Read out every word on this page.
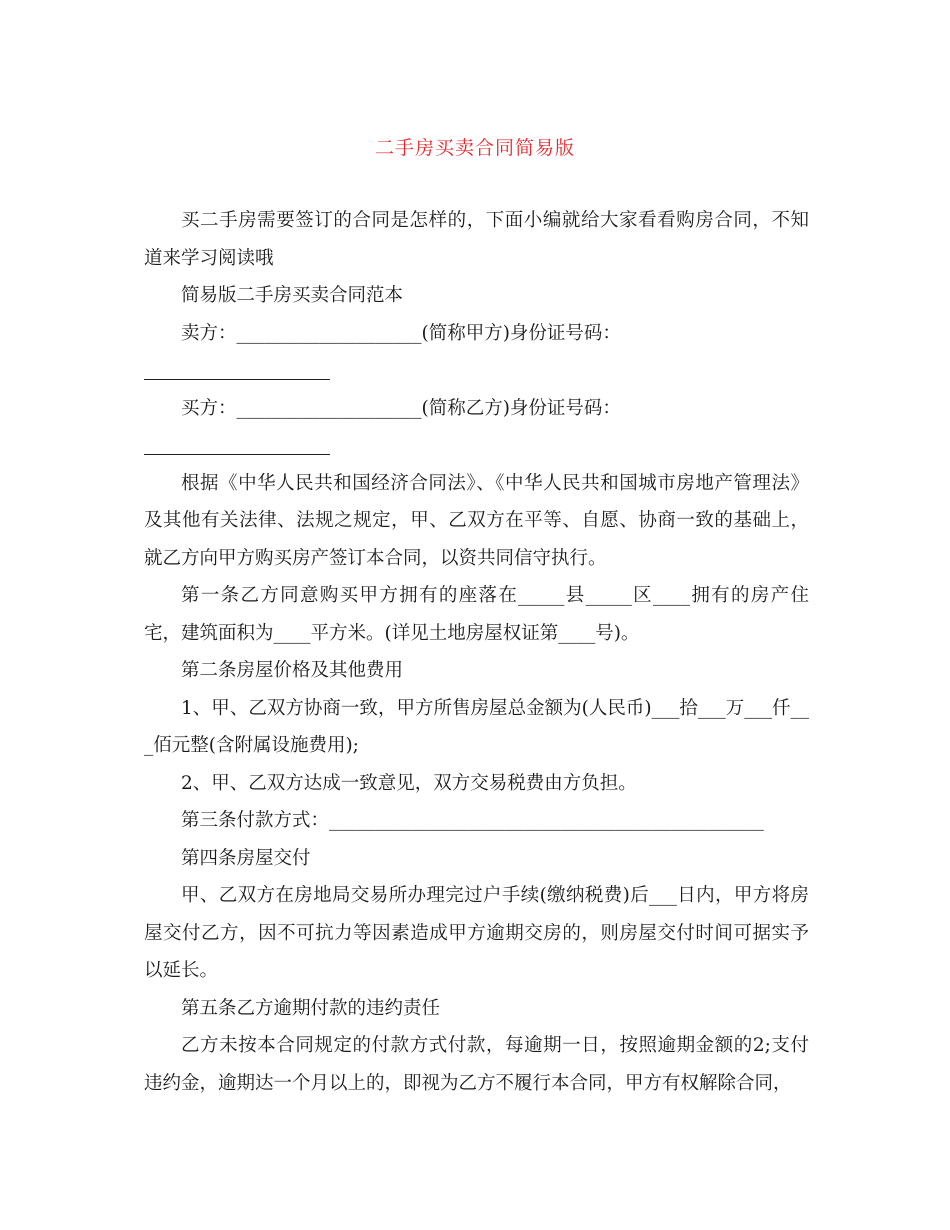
二手房买卖合同简易版

买二手房需要签订的合同是怎样的，下面小编就给大家看看购房合同，不知道来学习阅读哦

简易版二手房买卖合同范本

卖方：____________________(简称甲方)身份证号码：

买方：____________________(简称乙方)身份证号码：

根据《中华人民共和国经济合同法》、《中华人民共和国城市房地产管理法》及其他有关法律、法规之规定，甲、乙双方在平等、自愿、协商一致的基础上，就乙方向甲方购买房产签订本合同，以资共同信守执行。

第一条乙方同意购买甲方拥有的座落在_____县_____区____拥有的房产住宅，建筑面积为____平方米。(详见土地房屋权证第____号)。

第二条房屋价格及其他费用

1、甲、乙双方协商一致，甲方所售房屋总金额为(人民币)___拾___万___仟___佰元整(含附属设施费用);

2、甲、乙双方达成一致意见，双方交易税费由方负担。

第三条付款方式：_______________________________________________

第四条房屋交付

甲、乙双方在房地局交易所办理完过户手续(缴纳税费)后___日内，甲方将房屋交付乙方，因不可抗力等因素造成甲方逾期交房的，则房屋交付时间可据实予以延长。

第五条乙方逾期付款的违约责任

乙方未按本合同规定的付款方式付款，每逾期一日，按照逾期金额的2;支付违约金，逾期达一个月以上的，即视为乙方不履行本合同，甲方有权解除合同，
